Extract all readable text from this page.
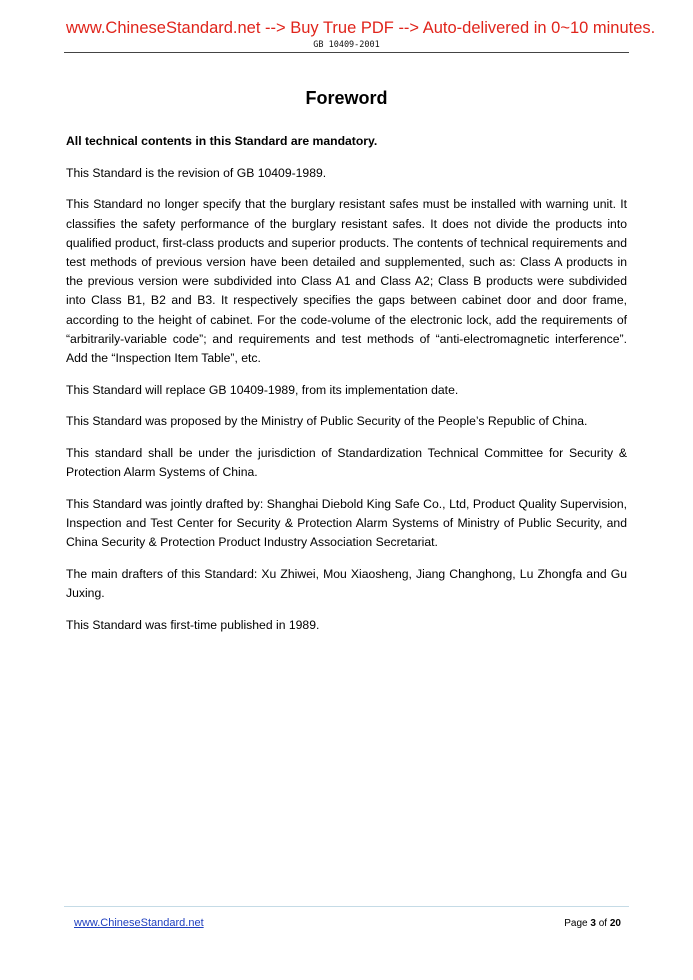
www.ChineseStandard.net --> Buy True PDF --> Auto-delivered in 0~10 minutes.
GB 10409-2001
Foreword

All technical contents in this Standard are mandatory.

This Standard is the revision of GB 10409-1989.

This Standard no longer specify that the burglary resistant safes must be installed with warning unit. It classifies the safety performance of the burglary resistant safes. It does not divide the products into qualified product, first-class products and superior products. The contents of technical requirements and test methods of previous version have been detailed and supplemented, such as: Class A products in the previous version were subdivided into Class A1 and Class A2; Class B products were subdivided into Class B1, B2 and B3. It respectively specifies the gaps between cabinet door and door frame, according to the height of cabinet. For the code-volume of the electronic lock, add the requirements of “arbitrarily-variable code”; and requirements and test methods of “anti-electromagnetic interference”. Add the “Inspection Item Table”, etc.

This Standard will replace GB 10409-1989, from its implementation date.

This Standard was proposed by the Ministry of Public Security of the People’s Republic of China.

This standard shall be under the jurisdiction of Standardization Technical Committee for Security & Protection Alarm Systems of China.

This Standard was jointly drafted by: Shanghai Diebold King Safe Co., Ltd, Product Quality Supervision, Inspection and Test Center for Security & Protection Alarm Systems of Ministry of Public Security, and China Security & Protection Product Industry Association Secretariat.

The main drafters of this Standard: Xu Zhiwei, Mou Xiaosheng, Jiang Changhong, Lu Zhongfa and Gu Juxing.

This Standard was first-time published in 1989.

www.ChineseStandard.net	Page 3 of 20
